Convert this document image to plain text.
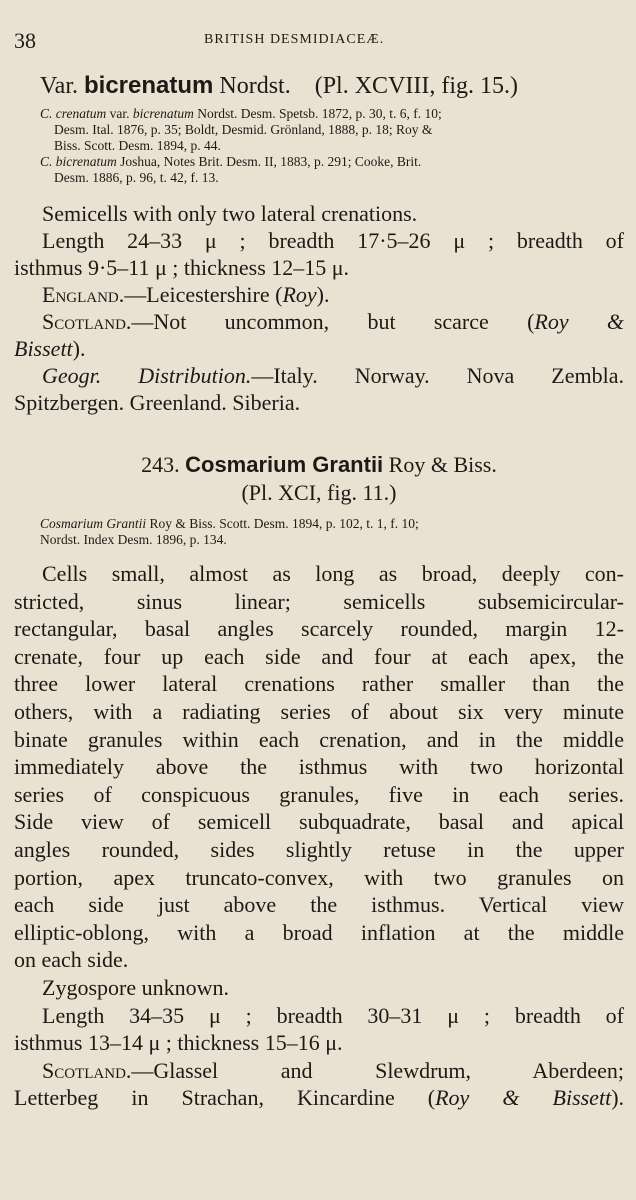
38	BRITISH DESMIDIACEÆ.
Var. bicrenatum Nordst. (Pl. XCVIII, fig. 15.)
C. crenatum var. bicrenatum Nordst. Desm. Spetsb. 1872, p. 30, t. 6, f. 10;
Desm. Ital. 1876, p. 35; Boldt, Desmid. Grönland, 1888, p. 18; Roy &
Biss. Scott. Desm. 1894, p. 44.
C. bicrenatum Joshua, Notes Brit. Desm. II, 1883, p. 291; Cooke, Brit.
Desm. 1886, p. 96, t. 42, f. 13.
Semicells with only two lateral crenations.
Length 24–33 μ ; breadth 17·5–26 μ ; breadth of
isthmus 9·5–11 μ ; thickness 12–15 μ.
England.—Leicestershire (Roy).
Scotland.—Not uncommon, but scarce (Roy &
Bissett).
Geogr. Distribution.—Italy. Norway. Nova Zembla.
Spitzbergen. Greenland. Siberia.
243. Cosmarium Grantii Roy & Biss.
(Pl. XCI, fig. 11.)
Cosmarium Grantii Roy & Biss. Scott. Desm. 1894, p. 102, t. 1, f. 10;
Nordst. Index Desm. 1896, p. 134.
Cells small, almost as long as broad, deeply con-
stricted, sinus linear; semicells subsemicircular-
rectangular, basal angles scarcely rounded, margin 12-
crenate, four up each side and four at each apex, the
three lower lateral crenations rather smaller than the
others, with a radiating series of about six very minute
binate granules within each crenation, and in the middle
immediately above the isthmus with two horizontal
series of conspicuous granules, five in each series.
Side view of semicell subquadrate, basal and apical
angles rounded, sides slightly retuse in the upper
portion, apex truncato-convex, with two granules on
each side just above the isthmus. Vertical view
elliptic-oblong, with a broad inflation at the middle
on each side.
Zygospore unknown.
Length 34–35 μ ; breadth 30–31 μ ; breadth of
isthmus 13–14 μ ; thickness 15–16 μ.
Scotland.—Glassel and Slewdrum, Aberdeen;
Letterbeg in Strachan, Kincardine (Roy & Bissett).
